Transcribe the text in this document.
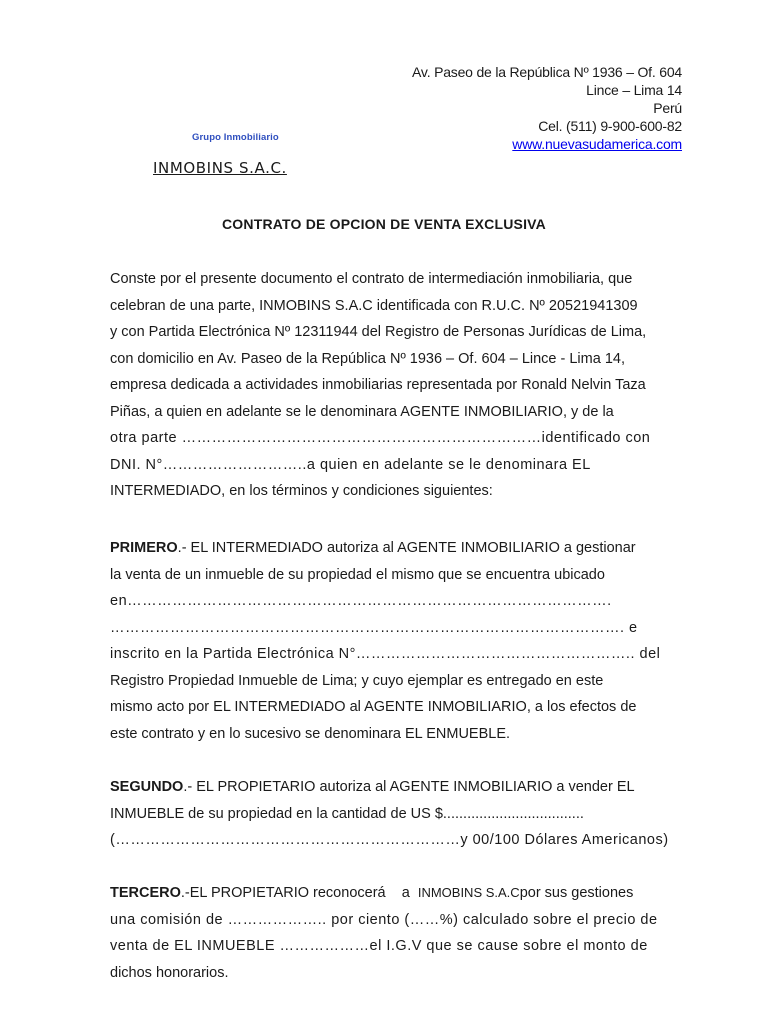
Av. Paseo de la República Nº 1936 – Of. 604
Lince – Lima 14
Perú
Cel. (511) 9-900-600-82
www.nuevasudamerica.com
Grupo Inmobiliario
INMOBINS S.A.C.
CONTRATO DE OPCION DE VENTA EXCLUSIVA
Conste por el presente documento el contrato de intermediación inmobiliaria, que
celebran de una parte, INMOBINS S.A.C identificada con R.U.C. Nº 20521941309
y con Partida Electrónica Nº 12311944 del Registro de Personas Jurídicas de Lima,
con domicilio en Av. Paseo de la República Nº 1936 – Of. 604 – Lince - Lima 14,
empresa dedicada a actividades inmobiliarias representada por Ronald Nelvin Taza
Piñas, a quien en adelante se le denominara AGENTE INMOBILIARIO, y de la
otra parte ………………………………………………………………identificado con
DNI. N°………………………..a quien en adelante se le denominara EL
INTERMEDIADO, en los términos y condiciones siguientes:
PRIMERO .- EL INTERMEDIADO autoriza al AGENTE INMOBILIARIO a gestionar
la venta de un inmueble de su propiedad el mismo que se encuentra ubicado
en…………………………………………………………………………………….
…………………………………………………………………………………………. e
inscrito en la Partida Electrónica N°……………………………………………….. del
Registro Propiedad Inmueble de Lima; y cuyo ejemplar es entregado en este
mismo acto por EL INTERMEDIADO al AGENTE INMOBILIARIO, a los efectos de
este contrato y en lo sucesivo se denominara EL ENMUEBLE.
SEGUNDO .- EL PROPIETARIO autoriza al AGENTE INMOBILIARIO a vender EL
INMUEBLE de su propiedad en la cantidad de US $...................................
(……………………………………………………………y 00/100 Dólares Americanos)
TERCERO .-EL PROPIETARIO reconocerá    a INMOBINS S.A.C por sus gestiones
una comisión de ……………….. por ciento (……%) calculado sobre el precio de
venta de EL INMUEBLE ………………el I.G.V que se cause sobre el monto de
dichos honorarios.
